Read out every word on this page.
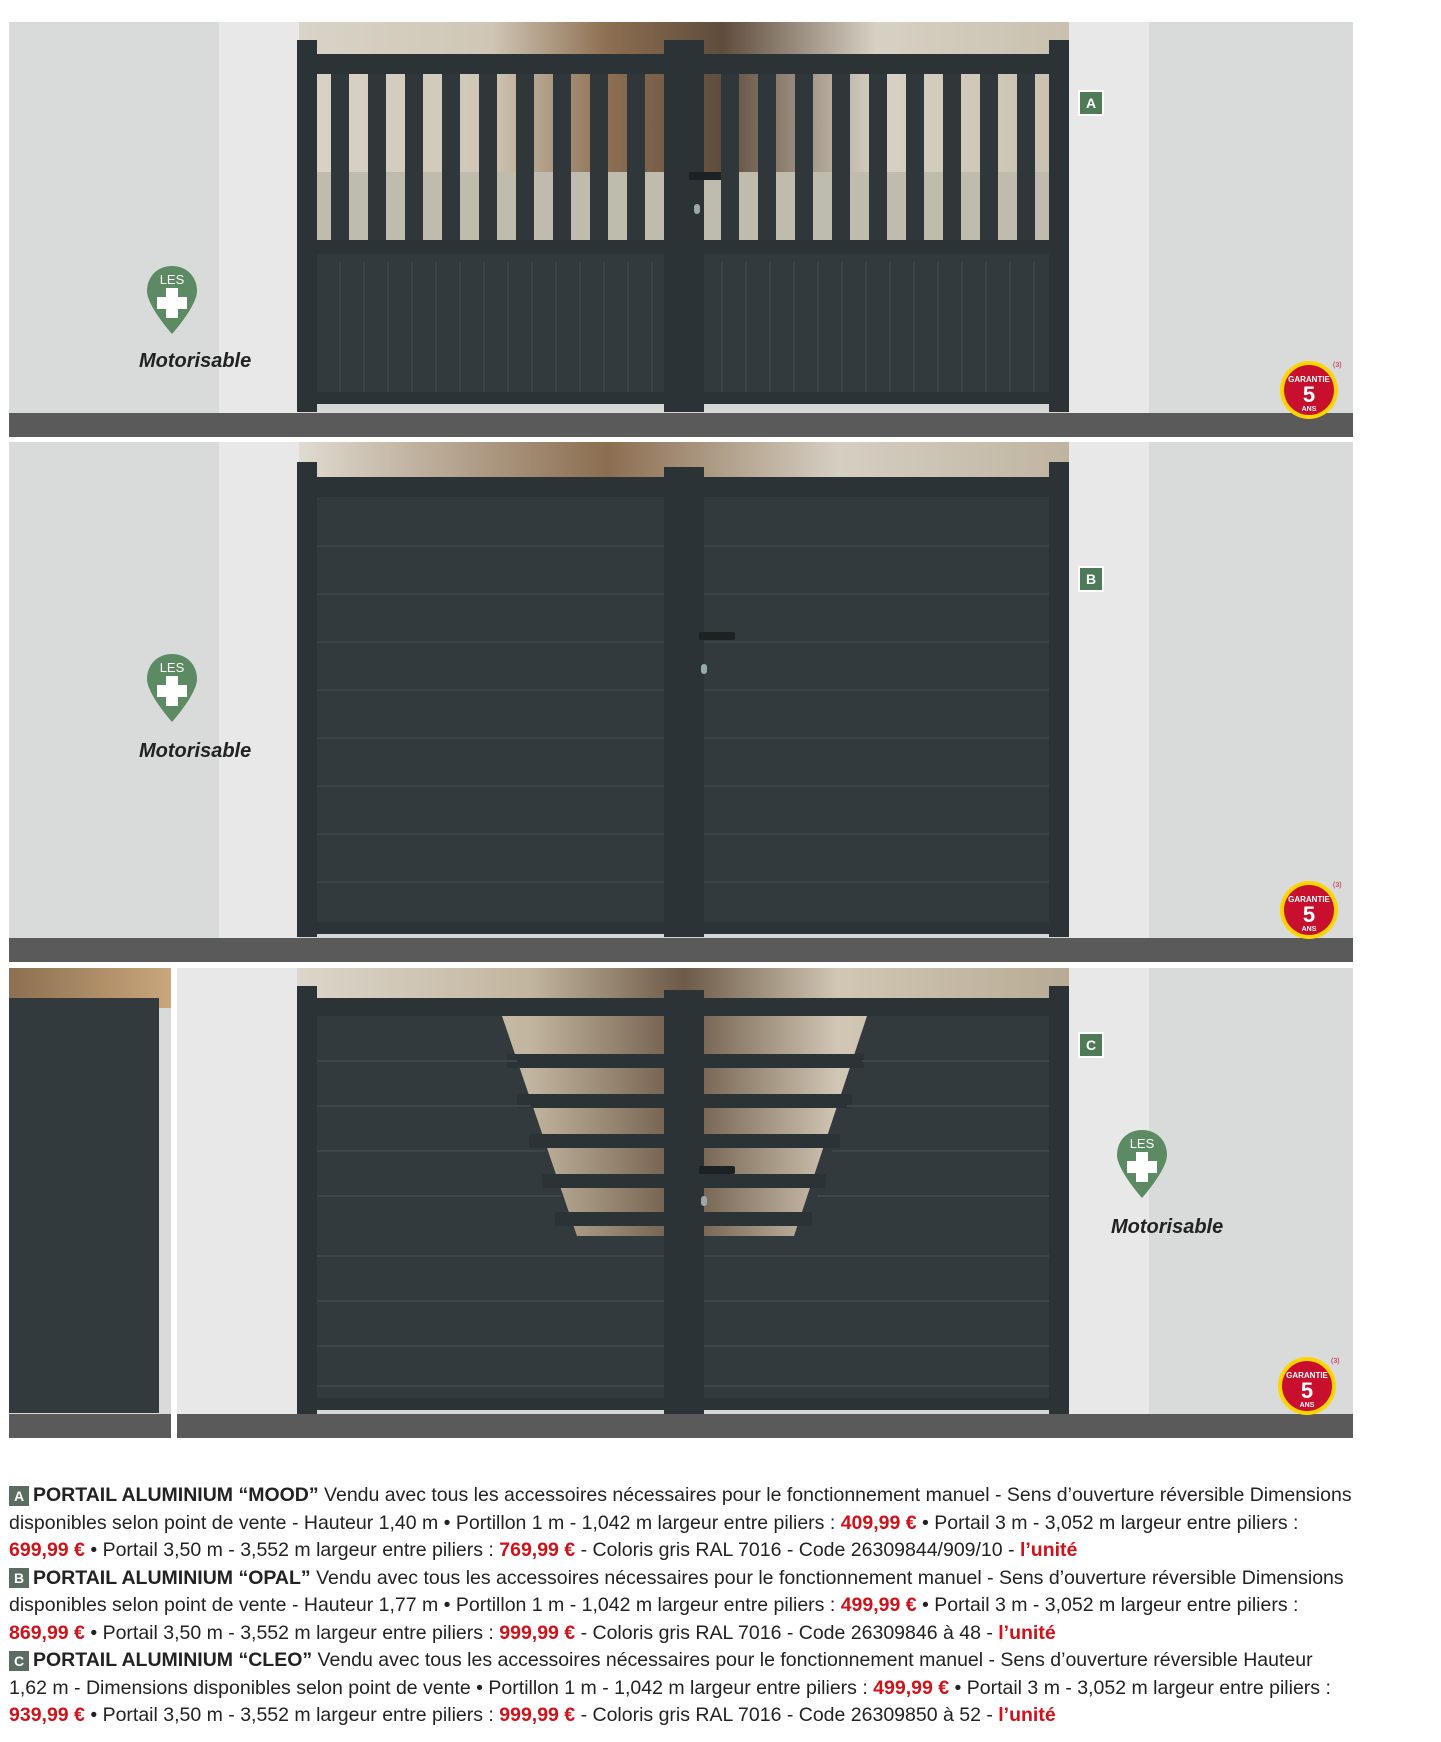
A
LES
Motorisable
GARANTIE
5
ANS
(3)
B
LES
Motorisable
GARANTIE
5
ANS
(3)
C
LES
Motorisable
GARANTIE
5
ANS
(3)

A PORTAIL ALUMINIUM “MOOD” Vendu avec tous les accessoires nécessaires pour le fonctionnement manuel - Sens d’ouverture réversible Dimensions disponibles selon point de vente - Hauteur 1,40 m • Portillon 1 m - 1,042 m largeur entre piliers : 409,99 € • Portail 3 m - 3,052 m largeur entre piliers : 699,99 € • Portail 3,50 m - 3,552 m largeur entre piliers : 769,99 € - Coloris gris RAL 7016 - Code 26309844/909/10 - l’unité

B PORTAIL ALUMINIUM “OPAL” Vendu avec tous les accessoires nécessaires pour le fonctionnement manuel - Sens d’ouverture réversible Dimensions disponibles selon point de vente - Hauteur 1,77 m • Portillon 1 m - 1,042 m largeur entre piliers : 499,99 € • Portail 3 m - 3,052 m largeur entre piliers : 869,99 € • Portail 3,50 m - 3,552 m largeur entre piliers : 999,99 € - Coloris gris RAL 7016 - Code 26309846 à 48 - l’unité

C PORTAIL ALUMINIUM “CLEO” Vendu avec tous les accessoires nécessaires pour le fonctionnement manuel - Sens d’ouverture réversible Hauteur 1,62 m - Dimensions disponibles selon point de vente • Portillon 1 m - 1,042 m largeur entre piliers : 499,99 € • Portail 3 m - 3,052 m largeur entre piliers : 939,99 € • Portail 3,50 m - 3,552 m largeur entre piliers : 999,99 € - Coloris gris RAL 7016 - Code 26309850 à 52 - l’unité
